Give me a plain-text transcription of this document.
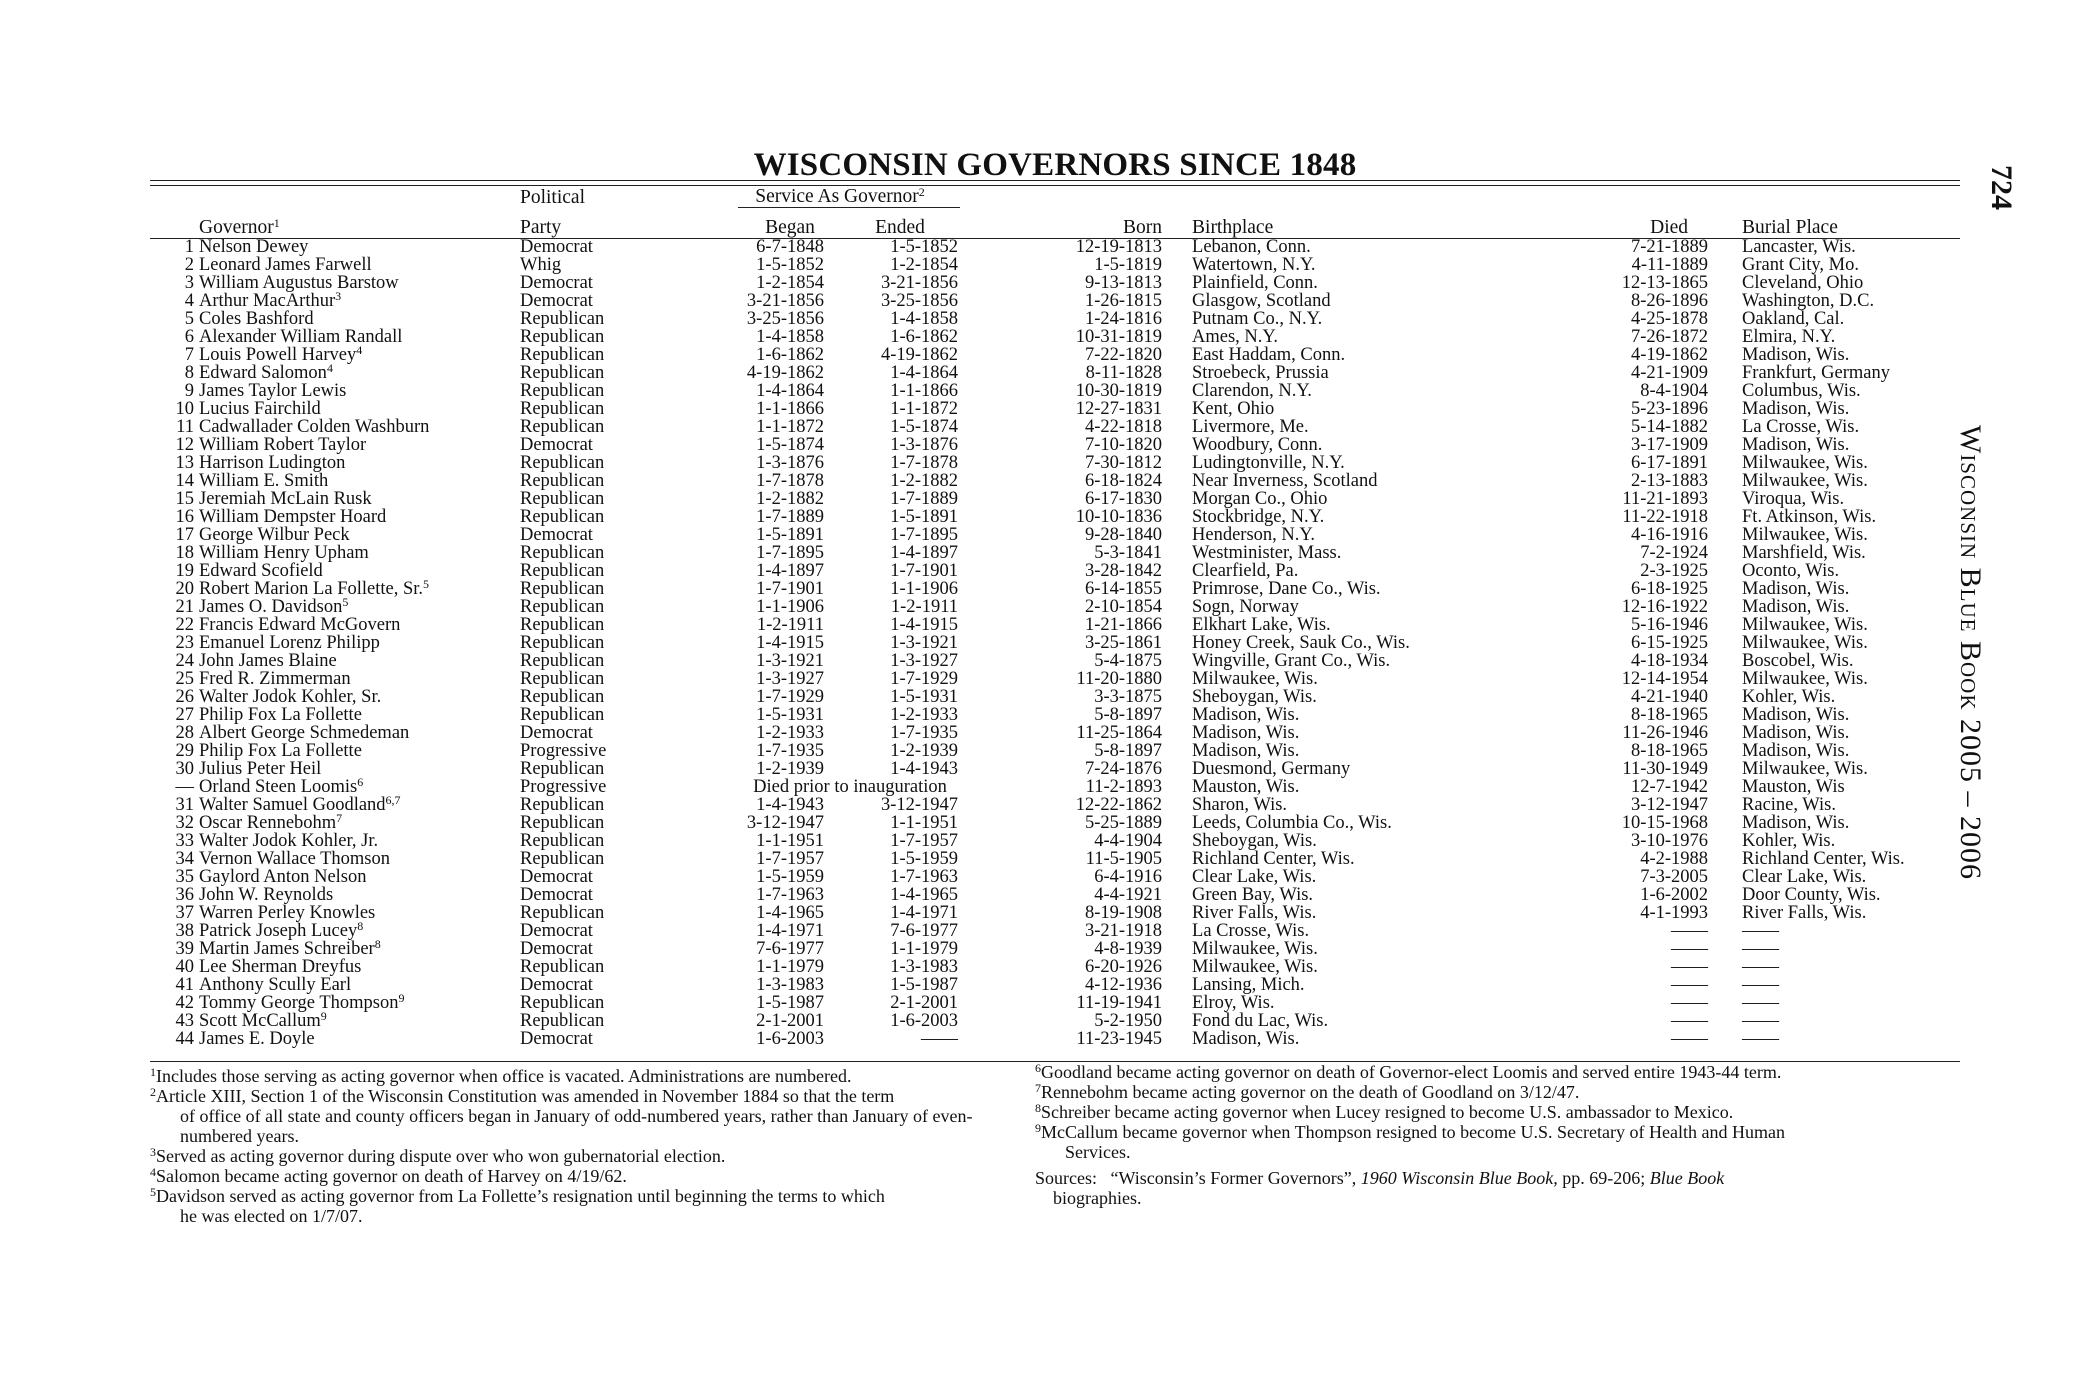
WISCONSIN GOVERNORS SINCE 1848
	Political	Service As Governor$^2$

Governor$^1$	Party	Began	Ended	Born	Birthplace	Died	Burial Place
1 Nelson Dewey	Democrat	6-7-1848	1-5-1852	12-19-1813	Lebanon, Conn.	7-21-1889	Lancaster, Wis.
2 Leonard James Farwell	Whig	1-5-1852	1-2-1854	1-5-1819	Watertown, N.Y.	4-11-1889	Grant City, Mo.
3 William Augustus Barstow	Democrat	1-2-1854	3-21-1856	9-13-1813	Plainfield, Conn.	12-13-1865	Cleveland, Ohio
4 Arthur MacArthur$^3$	Democrat	3-21-1856	3-25-1856	1-26-1815	Glasgow, Scotland	8-26-1896	Washington, D.C.
5 Coles Bashford	Republican	3-25-1856	1-4-1858	1-24-1816	Putnam Co., N.Y.	4-25-1878	Oakland, Cal.
6 Alexander William Randall	Republican	1-4-1858	1-6-1862	10-31-1819	Ames, N.Y.	7-26-1872	Elmira, N.Y.
7 Louis Powell Harvey$^4$	Republican	1-6-1862	4-19-1862	7-22-1820	East Haddam, Conn.	4-19-1862	Madison, Wis.
8 Edward Salomon$^4$	Republican	4-19-1862	1-4-1864	8-11-1828	Stroebeck, Prussia	4-21-1909	Frankfurt, Germany
9 James Taylor Lewis	Republican	1-4-1864	1-1-1866	10-30-1819	Clarendon, N.Y.	8-4-1904	Columbus, Wis.
10 Lucius Fairchild	Republican	1-1-1866	1-1-1872	12-27-1831	Kent, Ohio	5-23-1896	Madison, Wis.
11 Cadwallader Colden Washburn	Republican	1-1-1872	1-5-1874	4-22-1818	Livermore, Me.	5-14-1882	La Crosse, Wis.
12 William Robert Taylor	Democrat	1-5-1874	1-3-1876	7-10-1820	Woodbury, Conn.	3-17-1909	Madison, Wis.
13 Harrison Ludington	Republican	1-3-1876	1-7-1878	7-30-1812	Ludingtonville, N.Y.	6-17-1891	Milwaukee, Wis.
14 William E. Smith	Republican	1-7-1878	1-2-1882	6-18-1824	Near Inverness, Scotland	2-13-1883	Milwaukee, Wis.
15 Jeremiah McLain Rusk	Republican	1-2-1882	1-7-1889	6-17-1830	Morgan Co., Ohio	11-21-1893	Viroqua, Wis.
16 William Dempster Hoard	Republican	1-7-1889	1-5-1891	10-10-1836	Stockbridge, N.Y.	11-22-1918	Ft. Atkinson, Wis.
17 George Wilbur Peck	Democrat	1-5-1891	1-7-1895	9-28-1840	Henderson, N.Y.	4-16-1916	Milwaukee, Wis.
18 William Henry Upham	Republican	1-7-1895	1-4-1897	5-3-1841	Westminister, Mass.	7-2-1924	Marshfield, Wis.
19 Edward Scofield	Republican	1-4-1897	1-7-1901	3-28-1842	Clearfield, Pa.	2-3-1925	Oconto, Wis.
20 Robert Marion La Follette, Sr.$^5$	Republican	1-7-1901	1-1-1906	6-14-1855	Primrose, Dane Co., Wis.	6-18-1925	Madison, Wis.
21 James O. Davidson$^5$	Republican	1-1-1906	1-2-1911	2-10-1854	Sogn, Norway	12-16-1922	Madison, Wis.
22 Francis Edward McGovern	Republican	1-2-1911	1-4-1915	1-21-1866	Elkhart Lake, Wis.	5-16-1946	Milwaukee, Wis.
23 Emanuel Lorenz Philipp	Republican	1-4-1915	1-3-1921	3-25-1861	Honey Creek, Sauk Co., Wis.	6-15-1925	Milwaukee, Wis.
24 John James Blaine	Republican	1-3-1921	1-3-1927	5-4-1875	Wingville, Grant Co., Wis.	4-18-1934	Boscobel, Wis.
25 Fred R. Zimmerman	Republican	1-3-1927	1-7-1929	11-20-1880	Milwaukee, Wis.	12-14-1954	Milwaukee, Wis.
26 Walter Jodok Kohler, Sr.	Republican	1-7-1929	1-5-1931	3-3-1875	Sheboygan, Wis.	4-21-1940	Kohler, Wis.
27 Philip Fox La Follette	Republican	1-5-1931	1-2-1933	5-8-1897	Madison, Wis.	8-18-1965	Madison, Wis.
28 Albert George Schmedeman	Democrat	1-2-1933	1-7-1935	11-25-1864	Madison, Wis.	11-26-1946	Madison, Wis.
29 Philip Fox La Follette	Progressive	1-7-1935	1-2-1939	5-8-1897	Madison, Wis.	8-18-1965	Madison, Wis.
30 Julius Peter Heil	Republican	1-2-1939	1-4-1943	7-24-1876	Duesmond, Germany	11-30-1949	Milwaukee, Wis.
–– Orland Steen Loomis$^6$	Progressive	Died prior to inauguration		11-2-1893	Mauston, Wis.	12-7-1942	Mauston, Wis
31 Walter Samuel Goodland$^{6,7}$	Republican	1-4-1943	3-12-1947	12-22-1862	Sharon, Wis.	3-12-1947	Racine, Wis.
32 Oscar Rennebohm$^7$	Republican	3-12-1947	1-1-1951	5-25-1889	Leeds, Columbia Co., Wis.	10-15-1968	Madison, Wis.
33 Walter Jodok Kohler, Jr.	Republican	1-1-1951	1-7-1957	4-4-1904	Sheboygan, Wis.	3-10-1976	Kohler, Wis.
34 Vernon Wallace Thomson	Republican	1-7-1957	1-5-1959	11-5-1905	Richland Center, Wis.	4-2-1988	Richland Center, Wis.
35 Gaylord Anton Nelson	Democrat	1-5-1959	1-7-1963	6-4-1916	Clear Lake, Wis.	7-3-2005	Clear Lake, Wis.
36 John W. Reynolds	Democrat	1-7-1963	1-4-1965	4-4-1921	Green Bay, Wis.	1-6-2002	Door County, Wis.
37 Warren Perley Knowles	Republican	1-4-1965	1-4-1971	8-19-1908	River Falls, Wis.	4-1-1993	River Falls, Wis.
38 Patrick Joseph Lucey$^8$	Democrat	1-4-1971	7-6-1977	3-21-1918	La Crosse, Wis.	––––	––––
39 Martin James Schreiber$^8$	Democrat	7-6-1977	1-1-1979	4-8-1939	Milwaukee, Wis.	––––	––––
40 Lee Sherman Dreyfus	Republican	1-1-1979	1-3-1983	6-20-1926	Milwaukee, Wis.	––––	––––
41 Anthony Scully Earl	Democrat	1-3-1983	1-5-1987	4-12-1936	Lansing, Mich.	––––	––––
42 Tommy George Thompson$^9$	Republican	1-5-1987	2-1-2001	11-19-1941	Elroy, Wis.	––––	––––
43 Scott McCallum$^9$	Republican	2-1-2001	1-6-2003	5-2-1950	Fond du Lac, Wis.	––––	––––
44 James E. Doyle	Democrat	1-6-2003	––––	11-23-1945	Madison, Wis.	––––	––––
$^1$Includes those serving as acting governor when office is vacated. Administrations are numbered.
$^2$Article XIII, Section 1 of the Wisconsin Constitution was amended in November 1884 so that the term
of office of all state and county officers began in January of odd-numbered years, rather than January of even-numbered years.
$^3$Served as acting governor during dispute over who won gubernatorial election.
$^4$Salomon became acting governor on death of Harvey on 4/19/62.
$^5$Davidson served as acting governor from La Follette’s resignation until beginning the terms to which
he was elected on 1/7/07.
$^6$Goodland became acting governor on death of Governor-elect Loomis and served entire 1943-44 term.
$^7$Rennebohm became acting governor on the death of Goodland on 3/12/47.
$^8$Schreiber became acting governor when Lucey resigned to become U.S. ambassador to Mexico.
$^9$McCallum became governor when Thompson resigned to become U.S. Secretary of Health and Human
Services.
Sources: “Wisconsin’s Former Governors”, 1960 Wisconsin Blue Book, pp. 69-206; Blue Book
biographies.
724
Wisconsin Blue Book 2005 – 2006
